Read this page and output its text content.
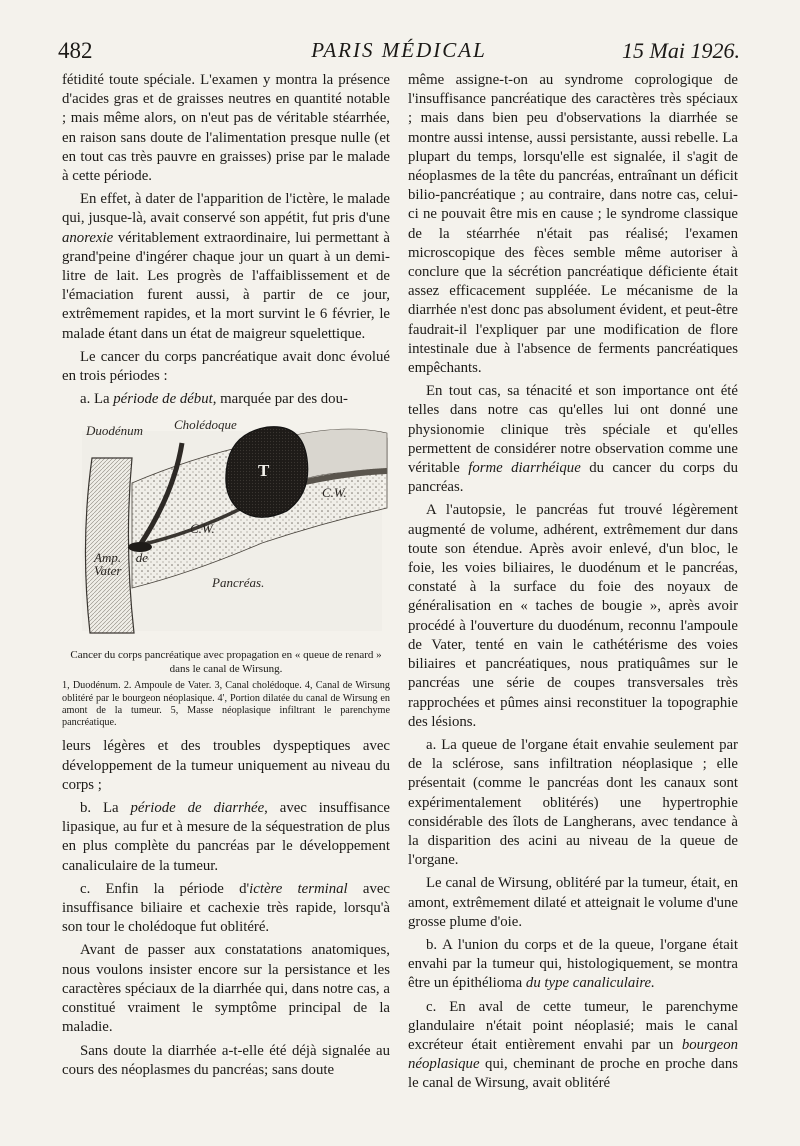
482	PARIS MÉDICAL	15 Mai 1926.

fétidité toute spéciale. L'examen y montra la présence d'acides gras et de graisses neutres en quantité notable ; mais même alors, on n'eut pas de véritable stéarrhée, en raison sans doute de l'alimentation presque nulle (et en tout cas très pauvre en graisses) prise par le malade à cette période.

En effet, à dater de l'apparition de l'ictère, le malade qui, jusque-là, avait conservé son appétit, fut pris d'une anorexie véritablement extraordinaire, lui permettant à grand'peine d'ingérer chaque jour un quart à un demi-litre de lait. Les progrès de l'affaiblissement et de l'émaciation furent aussi, à partir de ce jour, extrêmement rapides, et la mort survint le 6 février, le malade étant dans un état de maigreur squelettique.

Le cancer du corps pancréatique avait donc évolué en trois périodes :

a. La période de début, marquée par des dou-

Duodénum Cholédoque
T
C.W.
C.W.
Amp. de Vater
Pancréas.

Cancer du corps pancréatique avec propagation en « queue de renard » dans le canal de Wirsung.

1, Duodénum. 2. Ampoule de Vater. 3, Canal cholédoque. 4, Canal de Wirsung oblitéré par le bourgeon néoplasique. 4', Portion dilatée du canal de Wirsung en amont de la tumeur. 5, Masse néoplasique infiltrant le parenchyme pancréatique.

leurs légères et des troubles dyspeptiques avec développement de la tumeur uniquement au niveau du corps ;

b. La période de diarrhée, avec insuffisance lipasique, au fur et à mesure de la séquestration de plus en plus complète du pancréas par le développement canaliculaire de la tumeur.

c. Enfin la période d'ictère terminal avec insuffisance biliaire et cachexie très rapide, lorsqu'à son tour le cholédoque fut oblitéré.

Avant de passer aux constatations anatomiques, nous voulons insister encore sur la persistance et les caractères spéciaux de la diarrhée qui, dans notre cas, a constitué vraiment le symptôme principal de la maladie.

Sans doute la diarrhée a-t-elle été déjà signalée au cours des néoplasmes du pancréas; sans doute

même assigne-t-on au syndrome coprologique de l'insuffisance pancréatique des caractères très spéciaux ; mais dans bien peu d'observations la diarrhée se montre aussi intense, aussi persistante, aussi rebelle. La plupart du temps, lorsqu'elle est signalée, il s'agit de néoplasmes de la tête du pancréas, entraînant un déficit bilio-pancréatique ; au contraire, dans notre cas, celui-ci ne pouvait être mis en cause ; le syndrome classique de la stéarrhée n'était pas réalisé; l'examen microscopique des fèces semble même autoriser à conclure que la sécrétion pancréatique déficiente était assez efficacement suppléée. Le mécanisme de la diarrhée n'est donc pas absolument évident, et peut-être faudrait-il l'expliquer par une modification de flore intestinale due à l'absence de ferments pancréatiques empêchants.

En tout cas, sa ténacité et son importance ont été telles dans notre cas qu'elles lui ont donné une physionomie clinique très spéciale et qu'elles permettent de considérer notre observation comme une véritable forme diarrhéique du cancer du corps du pancréas.

A l'autopsie, le pancréas fut trouvé légèrement augmenté de volume, adhérent, extrêmement dur dans toute son étendue. Après avoir enlevé, d'un bloc, le foie, les voies biliaires, le duodénum et le pancréas, constaté à la surface du foie des noyaux de généralisation en « taches de bougie », après avoir procédé à l'ouverture du duodénum, reconnu l'ampoule de Vater, tenté en vain le cathétérisme des voies biliaires et pancréatiques, nous pratiquâmes sur le pancréas une série de coupes transversales très rapprochées et pûmes ainsi reconstituer la topographie des lésions.

a. La queue de l'organe était envahie seulement par de la sclérose, sans infiltration néoplasique ; elle présentait (comme le pancréas dont les canaux sont expérimentalement oblitérés) une hypertrophie considérable des îlots de Langherans, avec tendance à la disparition des acini au niveau de la queue de l'organe.

Le canal de Wirsung, oblitéré par la tumeur, était, en amont, extrêmement dilaté et atteignait le volume d'une grosse plume d'oie.

b. A l'union du corps et de la queue, l'organe était envahi par la tumeur qui, histologiquement, se montra être un épithélioma du type canaliculaire.

c. En aval de cette tumeur, le parenchyme glandulaire n'était point néoplasié; mais le canal excréteur était entièrement envahi par un bourgeon néoplasique qui, cheminant de proche en proche dans le canal de Wirsung, avait oblitéré
